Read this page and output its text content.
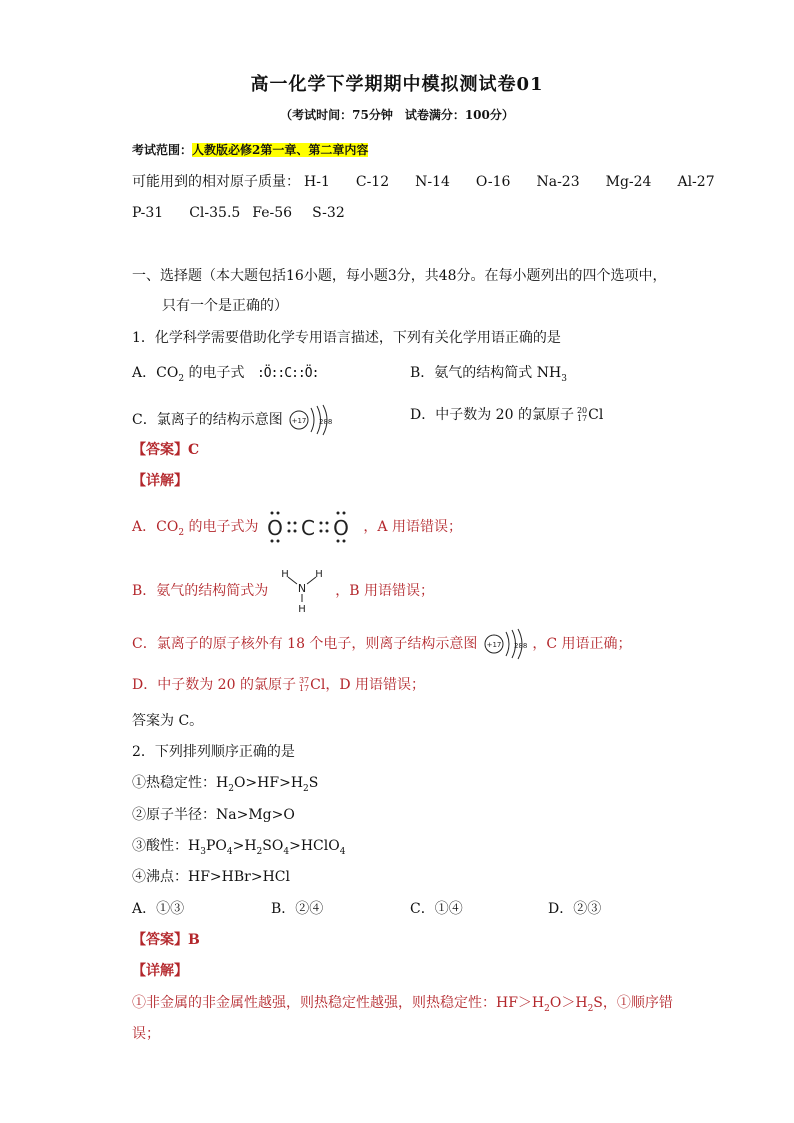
高一化学下学期期中模拟测试卷01
（考试时间：75分钟　试卷满分：100分）
考试范围：人教版必修2第一章、第二章内容
可能用到的相对原子质量： H-1 C-12 N-14 O-16 Na-23 Mg-24 Al-27
P-31 Cl-35.5 Fe-56 S-32
一、选择题（本大题包括16小题，每小题3分，共48分。在每小题列出的四个选项中，
只有一个是正确的）
1．化学科学需要借助化学专用语言描述，下列有关化学用语正确的是
A．$CO_2$ 的电子式 :Ö::C::Ö:	B．氨气的结构简式 $NH_3$
C．氯离子的结构示意图 +17 288	D．中子数为 20 的氯原子 20
17 Cl
【答案】C
【详解】
A．$CO_2$ 的电子式为 O C O ，A 用语错误；
B．氨气的结构简式为	N
H	H
H
，B 用语错误；
C．氯离子的原子核外有 18 个电子，则离子结构示意图 +17 288 ，C 用语正确；
D．中子数为 20 的氯原子 37
17 Cl，D 用语错误；
答案为 C。
2．下列排列顺序正确的是
①热稳定性：$H_2O>HF>H_2S$
②原子半径：Na>Mg>O
③酸性：$H_3PO_4>H_2SO_4>HClO_4$
④沸点：HF>HBr>HCl
A．①③	B．②④	C．①④	D．②③
【答案】B
【详解】
①非金属的非金属性越强，则热稳定性越强，则热稳定性：$HF>H_2O>H_2S$，①顺序错
误；
